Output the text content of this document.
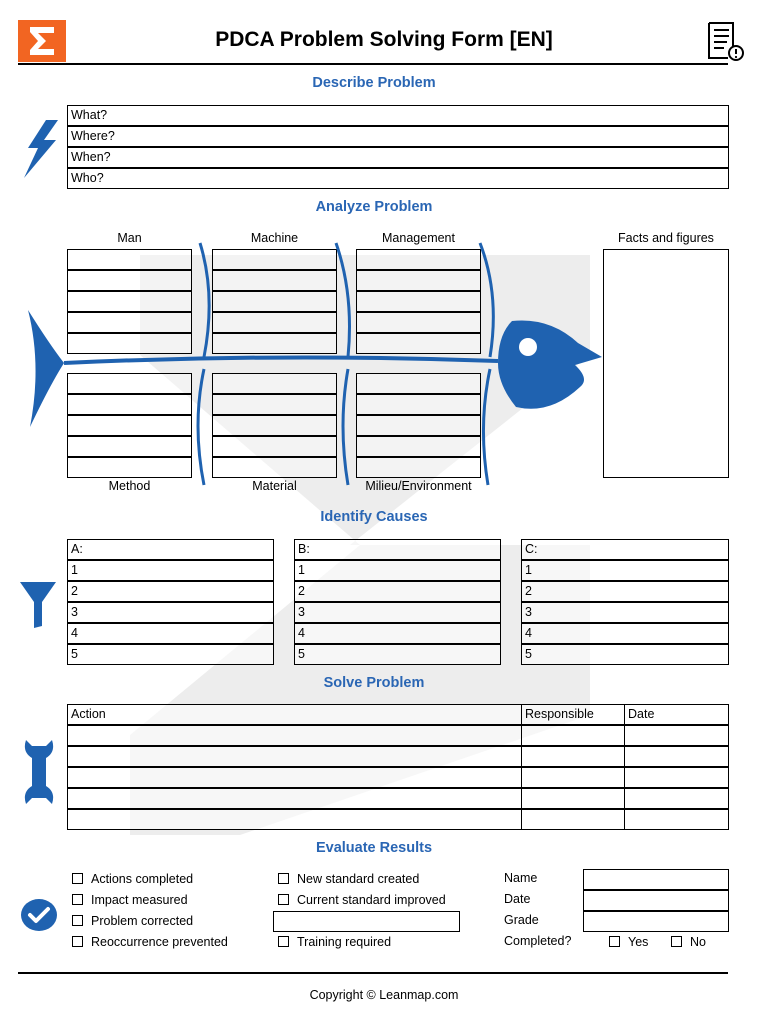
PDCA Problem Solving Form [EN]
Describe Problem
What?
Where?
When?
Who?
Analyze Problem
Man	Machine	Management	Facts and figures
Method	Material	Milieu/Environment
Identify Causes
A:
1
2
3
4
5
B:
1
2
3
4
5
C:
1
2
3
4
5
Solve Problem
Action	Responsible	Date
Evaluate Results
Actions completed
Impact measured
Problem corrected
Reoccurrence prevented
New standard created
Current standard improved
Training required
Name
Date
Grade
Completed?	Yes	No
Copyright © Leanmap.com
